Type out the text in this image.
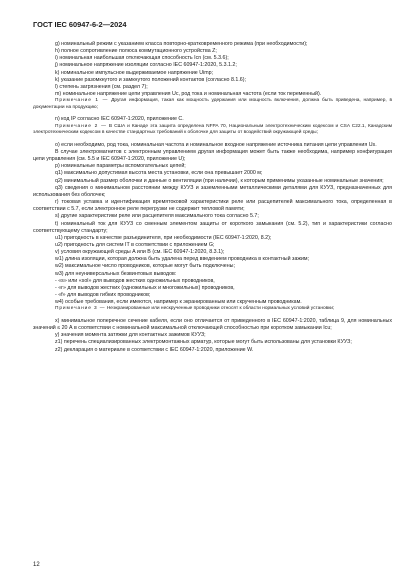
ГОСТ IEC 60947-6-2—2024

g) номинальный режим с указанием класса повторно-кратковременного режима (при необходимости);

h) полное сопротивление полюса коммутационного устройства Z;

i) номинальная наибольшая отключающая способность Icn (см. 5.3.6);

j) номинальное напряжение изоляции согласно IEC 60947-1:2020, 5.3.1.2;

k) номинальное импульсное выдерживаемое напряжение Uimp;

k) указание разомкнутого и замкнутого положений контактов (согласно 8.1.6);

l) степень загрязнения (см. раздел 7);

m) номинальное напряжение цепи управления Uc, род тока и номинальная частота (если ток переменный).

Примечание 1 — Другая информация, такая как мощность удержания или мощность включения, должна быть приведена, например, в документации на продукцию;

n) код IP согласно IEC 60947-1:2020, приложение С.

Примечание 2 — В США и Канаде эта защита определена NFPA 70, Национальным электротехническим кодексом и CSA C22.1, Канадским электротехническим кодексом в качестве стандартных требований к оболочке для защиты от воздействий окружающей среды;

o) если необходимо, род тока, номинальная частота и номинальное входное напряжение источника питания цепи управления Us.

В случае электромагнитов с электронным управлением другая информация может быть также необходима, например конфигурация цепи управления (см. 5.5 и IEC 60947-1:2020, приложение U);

p) номинальные параметры вспомогательных цепей;

q1) максимально допустимая высота места установки, если она превышает 2000 м;

q2) минимальный размер оболочки и данные о вентиляции (при наличии), к которым применимы указанные номинальные значения;

q3) сведения о минимальном расстоянии между КУУЗ и заземленными металлическими деталями для КУУЗ, предназначенных для использования без оболочек;

r) токовая уставка и идентификация времятоковой характеристики реле или расцепителей максимального тока, определенная в соответствии с 5.7, если электронное реле перегрузки не содержит тепловой памяти;

s) другие характеристики реле или расцепителя максимального тока согласно 5.7;

t) номинальный ток для КУУЗ со сменным элементом защиты от короткого замыкания (см. 5.2), тип и характеристики согласно соответствующему стандарту;

u1) пригодность в качестве разъединителя, при необходимости (IEC 60947-1:2020, 8.2);

u2) пригодность для систем IT в соответствии с приложением G;

v) условия окружающей среды A или B (см. IEC 60947-1:2020, 8.3.1);

w1) длина изоляции, которая должна быть удалена перед введением проводника в контактный зажим;

w2) максимальное число проводников, которые могут быть подключены;

w3) для неуниверсальных безвинтовых выводов:

- «s» или «sol» для выводов жестких одножильных проводников,

- «r» для выводов жестких (одножильных и многожильных) проводников,

- «f» для выводов гибких проводников;

w4) особые требования, если имеются, например к экранированным или скрученным проводникам.

Примечание 3 — Неэкранированные или нескрученные проводники относят к области нормальных условий установки;

x) минимальное поперечное сечение кабеля, если оно отличается от приведенного в IEC 60947-1:2020, таблица 9, для номинальных значений ≤ 20 А в соответствии с номинальной максимальной отключающей способностью при коротком замыкании Icu;

y) значения момента затяжки для контактных зажимов КУУЗ;

z1) перечень специализированных электромонтажных арматур, которые могут быть использованы для установки КУУЗ;

z2) декларация о материале в соответствии с IEC 60947-1:2020, приложение W.

12
